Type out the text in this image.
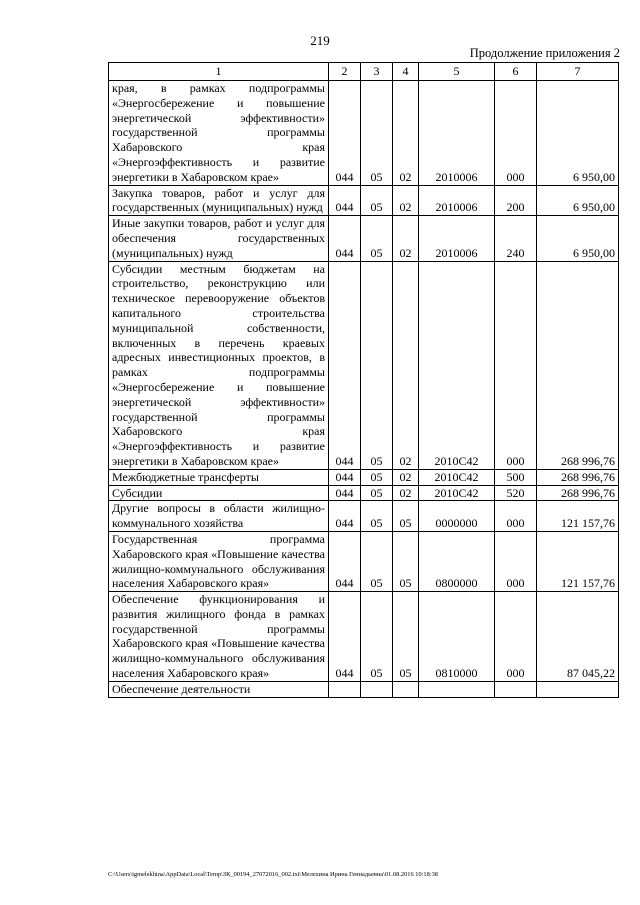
219
Продолжение приложения 2
1	2	3	4	5	6	7
края, в рамках подпрограммы «Энергосбережение и повышение энергетической эффективности» государственной программы Хабаровского края «Энергоэффективность и развитие энергетики в Хабаровском крае»	044	05	02	2010006	000	6 950,00
Закупка товаров, работ и услуг для государственных (муниципальных) нужд	044	05	02	2010006	200	6 950,00
Иные закупки товаров, работ и услуг для обеспечения государственных (муниципальных) нужд	044	05	02	2010006	240	6 950,00
Субсидии местным бюджетам на строительство, реконструкцию или техническое перевооружение объектов капитального строительства муниципальной собственности, включенных в перечень краевых адресных инвестиционных проектов, в рамках подпрограммы «Энергосбережение и повышение энергетической эффективности» государственной программы Хабаровского края «Энергоэффективность и развитие энергетики в Хабаровском крае»	044	05	02	2010С42	000	268 996,76
Межбюджетные трансферты	044	05	02	2010С42	500	268 996,76
Субсидии	044	05	02	2010С42	520	268 996,76
Другие вопросы в области жилищно-коммунального хозяйства	044	05	05	0000000	000	121 157,76
Государственная программа Хабаровского края «Повышение качества жилищно-коммунального обслуживания населения Хабаровского края»	044	05	05	0800000	000	121 157,76
Обеспечение функционирования и развития жилищного фонда в рамках государственной программы Хабаровского края «Повышение качества жилищно-коммунального обслуживания населения Хабаровского края»	044	05	05	0810000	000	87 045,22
Обеспечение деятельности						
C:\Users\igmelekhina\AppData\Local\Temp\ЗК_00194_27072016_002.txt\Мелехина Ирина Геннадьевна\01.08.2016 10:18:38
